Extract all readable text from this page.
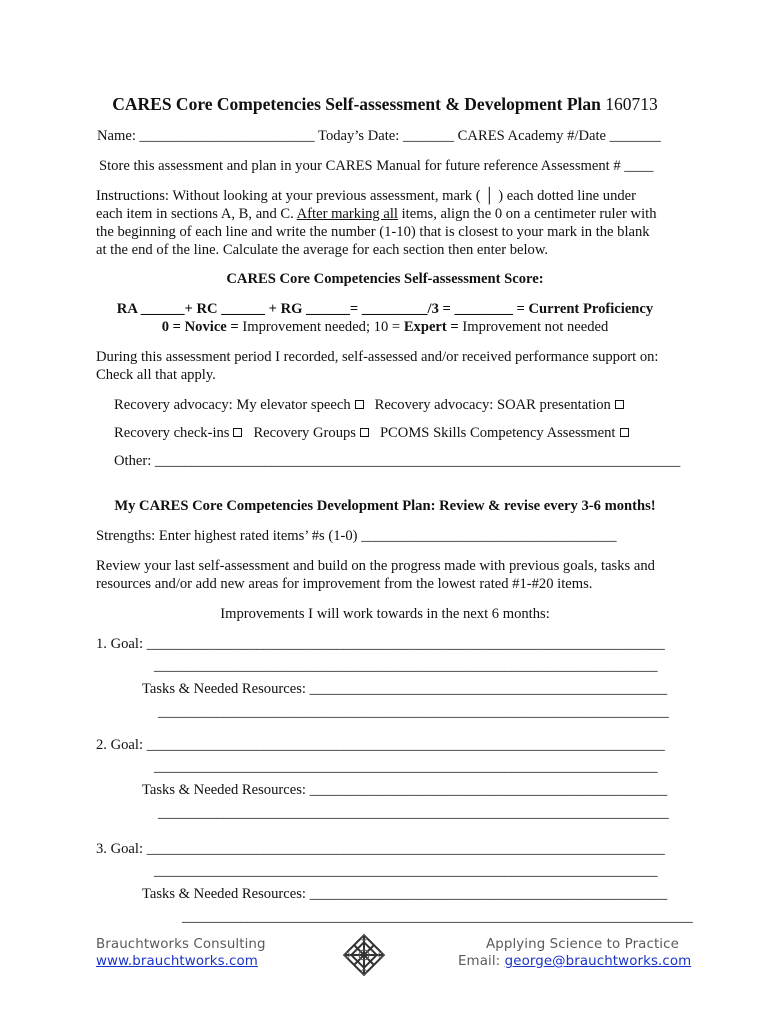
CARES Core Competencies Self-assessment & Development Plan 160713
Name: ________________________ Today’s Date: _______ CARES Academy #/Date _______
Store this assessment and plan in your CARES Manual for future reference Assessment # ____
Instructions: Without looking at your previous assessment, mark ( │ ) each dotted line under
each item in sections A, B, and C. After marking all items, align the 0 on a centimeter ruler with
the beginning of each line and write the number (1-10) that is closest to your mark in the blank
at the end of the line. Calculate the average for each section then enter below.
CARES Core Competencies Self-assessment Score:
RA ______+ RC ______ + RG ______= _________/3 = ________ = Current Proficiency
0 = Novice = Improvement needed; 10 = Expert = Improvement not needed
During this assessment period I recorded, self-assessed and/or received performance support on:
Check all that apply.
Recovery advocacy: My elevator speech Recovery advocacy: SOAR presentation
Recovery check-ins Recovery Groups PCOMS Skills Competency Assessment
Other: ________________________________________________________________________
My CARES Core Competencies Development Plan: Review & revise every 3-6 months!
Strengths: Enter highest rated items’ #s (1-0) ___________________________________
Review your last self-assessment and build on the progress made with previous goals, tasks and
resources and/or add new areas for improvement from the lowest rated #1-#20 items.
Improvements I will work towards in the next 6 months:
1. Goal: _______________________________________________________________________
_____________________________________________________________________
Tasks & Needed Resources: _________________________________________________
______________________________________________________________________
2. Goal: _______________________________________________________________________
_____________________________________________________________________
Tasks & Needed Resources: _________________________________________________
______________________________________________________________________
3. Goal: _______________________________________________________________________
_____________________________________________________________________
Tasks & Needed Resources: _________________________________________________
______________________________________________________________________
Brauchtworks Consulting
www.brauchtworks.com
Applying Science to Practice
Email: george@brauchtworks.com
